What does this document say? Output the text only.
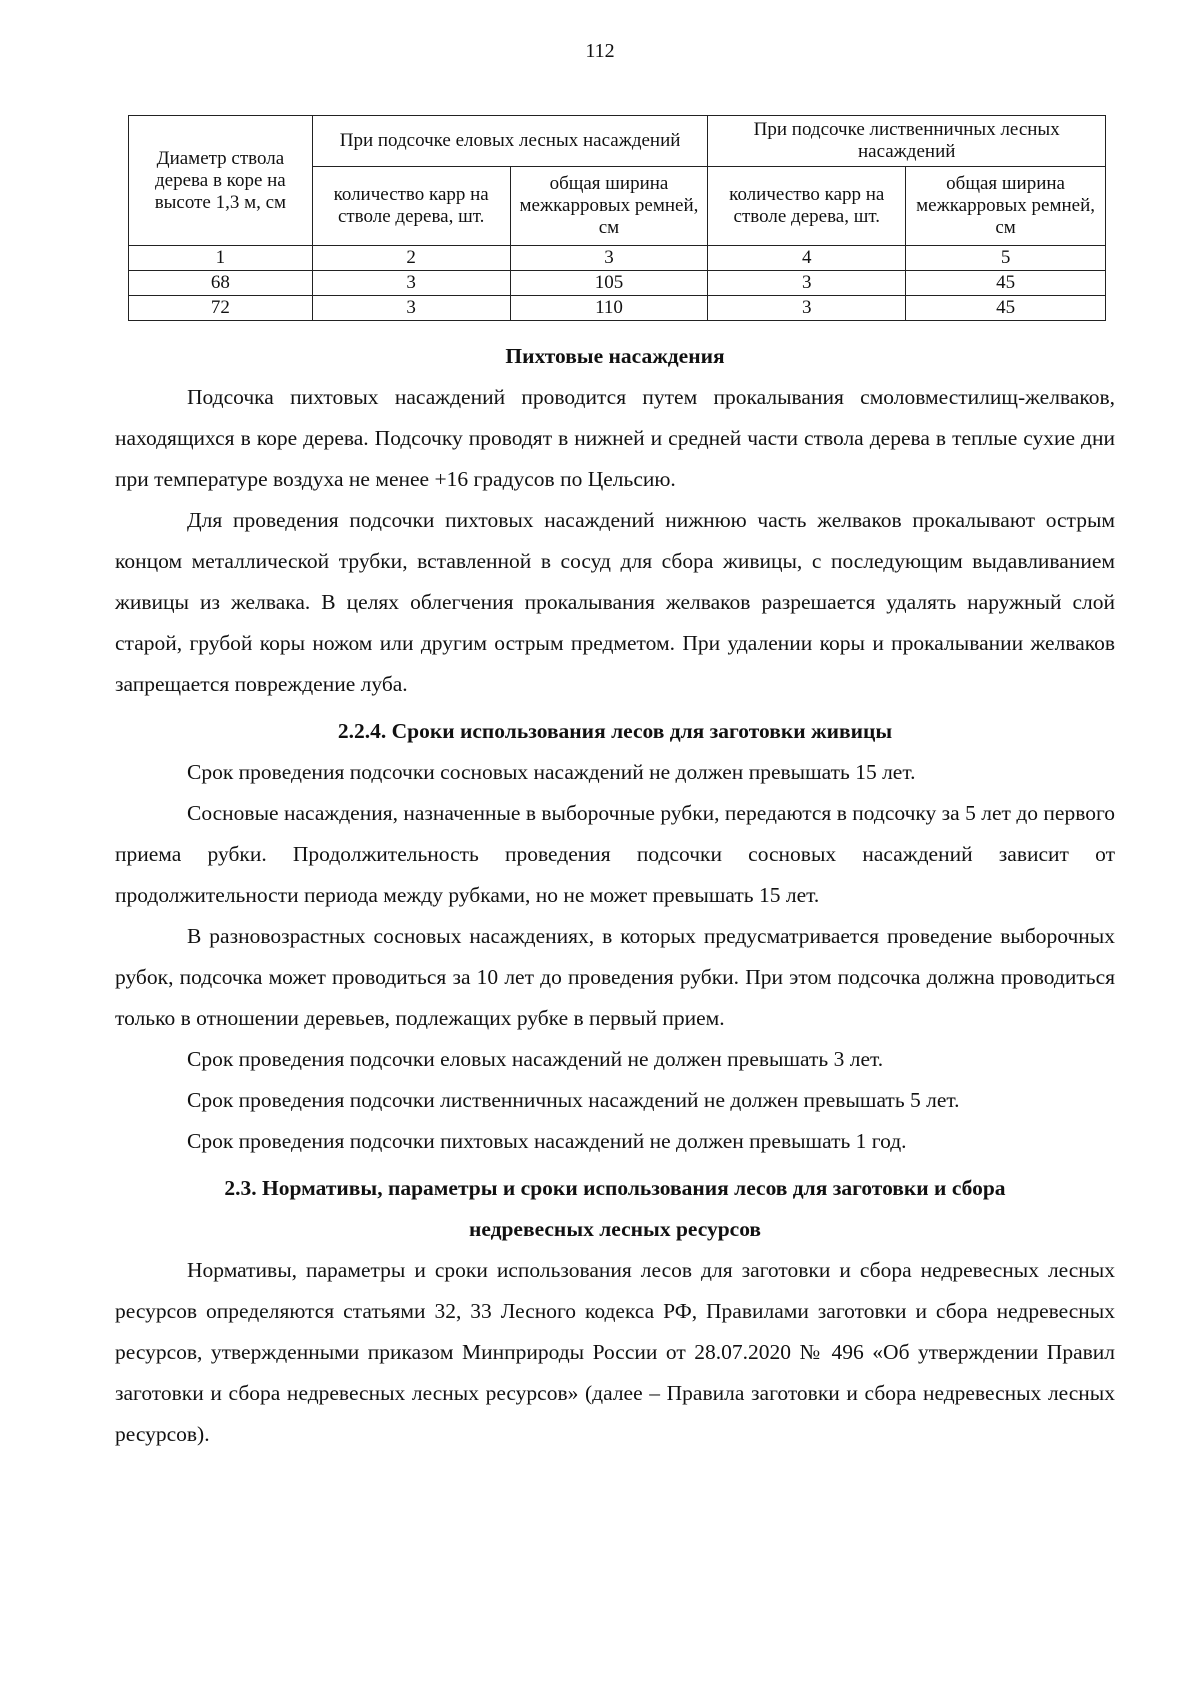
112
Диаметр ствола дерева в коре на высоте 1,3 м, см	При подсочке еловых лесных насаждений		При подсочке лиственничных лесных насаждений	
	количество карр на стволе дерева, шт.	общая ширина межкарровых ремней, см	количество карр на стволе дерева, шт.	общая ширина межкарровых ремней, см
1	2	3	4	5
68	3	105	3	45
72	3	110	3	45
Пихтовые насаждения

Подсочка пихтовых насаждений проводится путем прокалывания смоловместилищ-желваков, находящихся в коре дерева. Подсочку проводят в нижней и средней части ствола дерева в теплые сухие дни при температуре воздуха не менее +16 градусов по Цельсию.

Для проведения подсочки пихтовых насаждений нижнюю часть желваков прокалывают острым концом металлической трубки, вставленной в сосуд для сбора живицы, с последующим выдавливанием живицы из желвака. В целях облегчения прокалывания желваков разрешается удалять наружный слой старой, грубой коры ножом или другим острым предметом. При удалении коры и прокалывании желваков запрещается повреждение луба.

2.2.4. Сроки использования лесов для заготовки живицы

Срок проведения подсочки сосновых насаждений не должен превышать 15 лет.

Сосновые насаждения, назначенные в выборочные рубки, передаются в подсочку за 5 лет до первого приема рубки. Продолжительность проведения подсочки сосновых насаждений зависит от продолжительности периода между рубками, но не может превышать 15 лет.

В разновозрастных сосновых насаждениях, в которых предусматривается проведение выборочных рубок, подсочка может проводиться за 10 лет до проведения рубки. При этом подсочка должна проводиться только в отношении деревьев, подлежащих рубке в первый прием.

Срок проведения подсочки еловых насаждений не должен превышать 3 лет.

Срок проведения подсочки лиственничных насаждений не должен превышать 5 лет.

Срок проведения подсочки пихтовых насаждений не должен превышать 1 год.

2.3. Нормативы, параметры и сроки использования лесов для заготовки и сбора недревесных лесных ресурсов

Нормативы, параметры и сроки использования лесов для заготовки и сбора недревесных лесных ресурсов определяются статьями 32, 33 Лесного кодекса РФ, Правилами заготовки и сбора недревесных ресурсов, утвержденными приказом Минприроды России от 28.07.2020 № 496 «Об утверждении Правил заготовки и сбора недревесных лесных ресурсов» (далее – Правила заготовки и сбора недревесных лесных ресурсов).
